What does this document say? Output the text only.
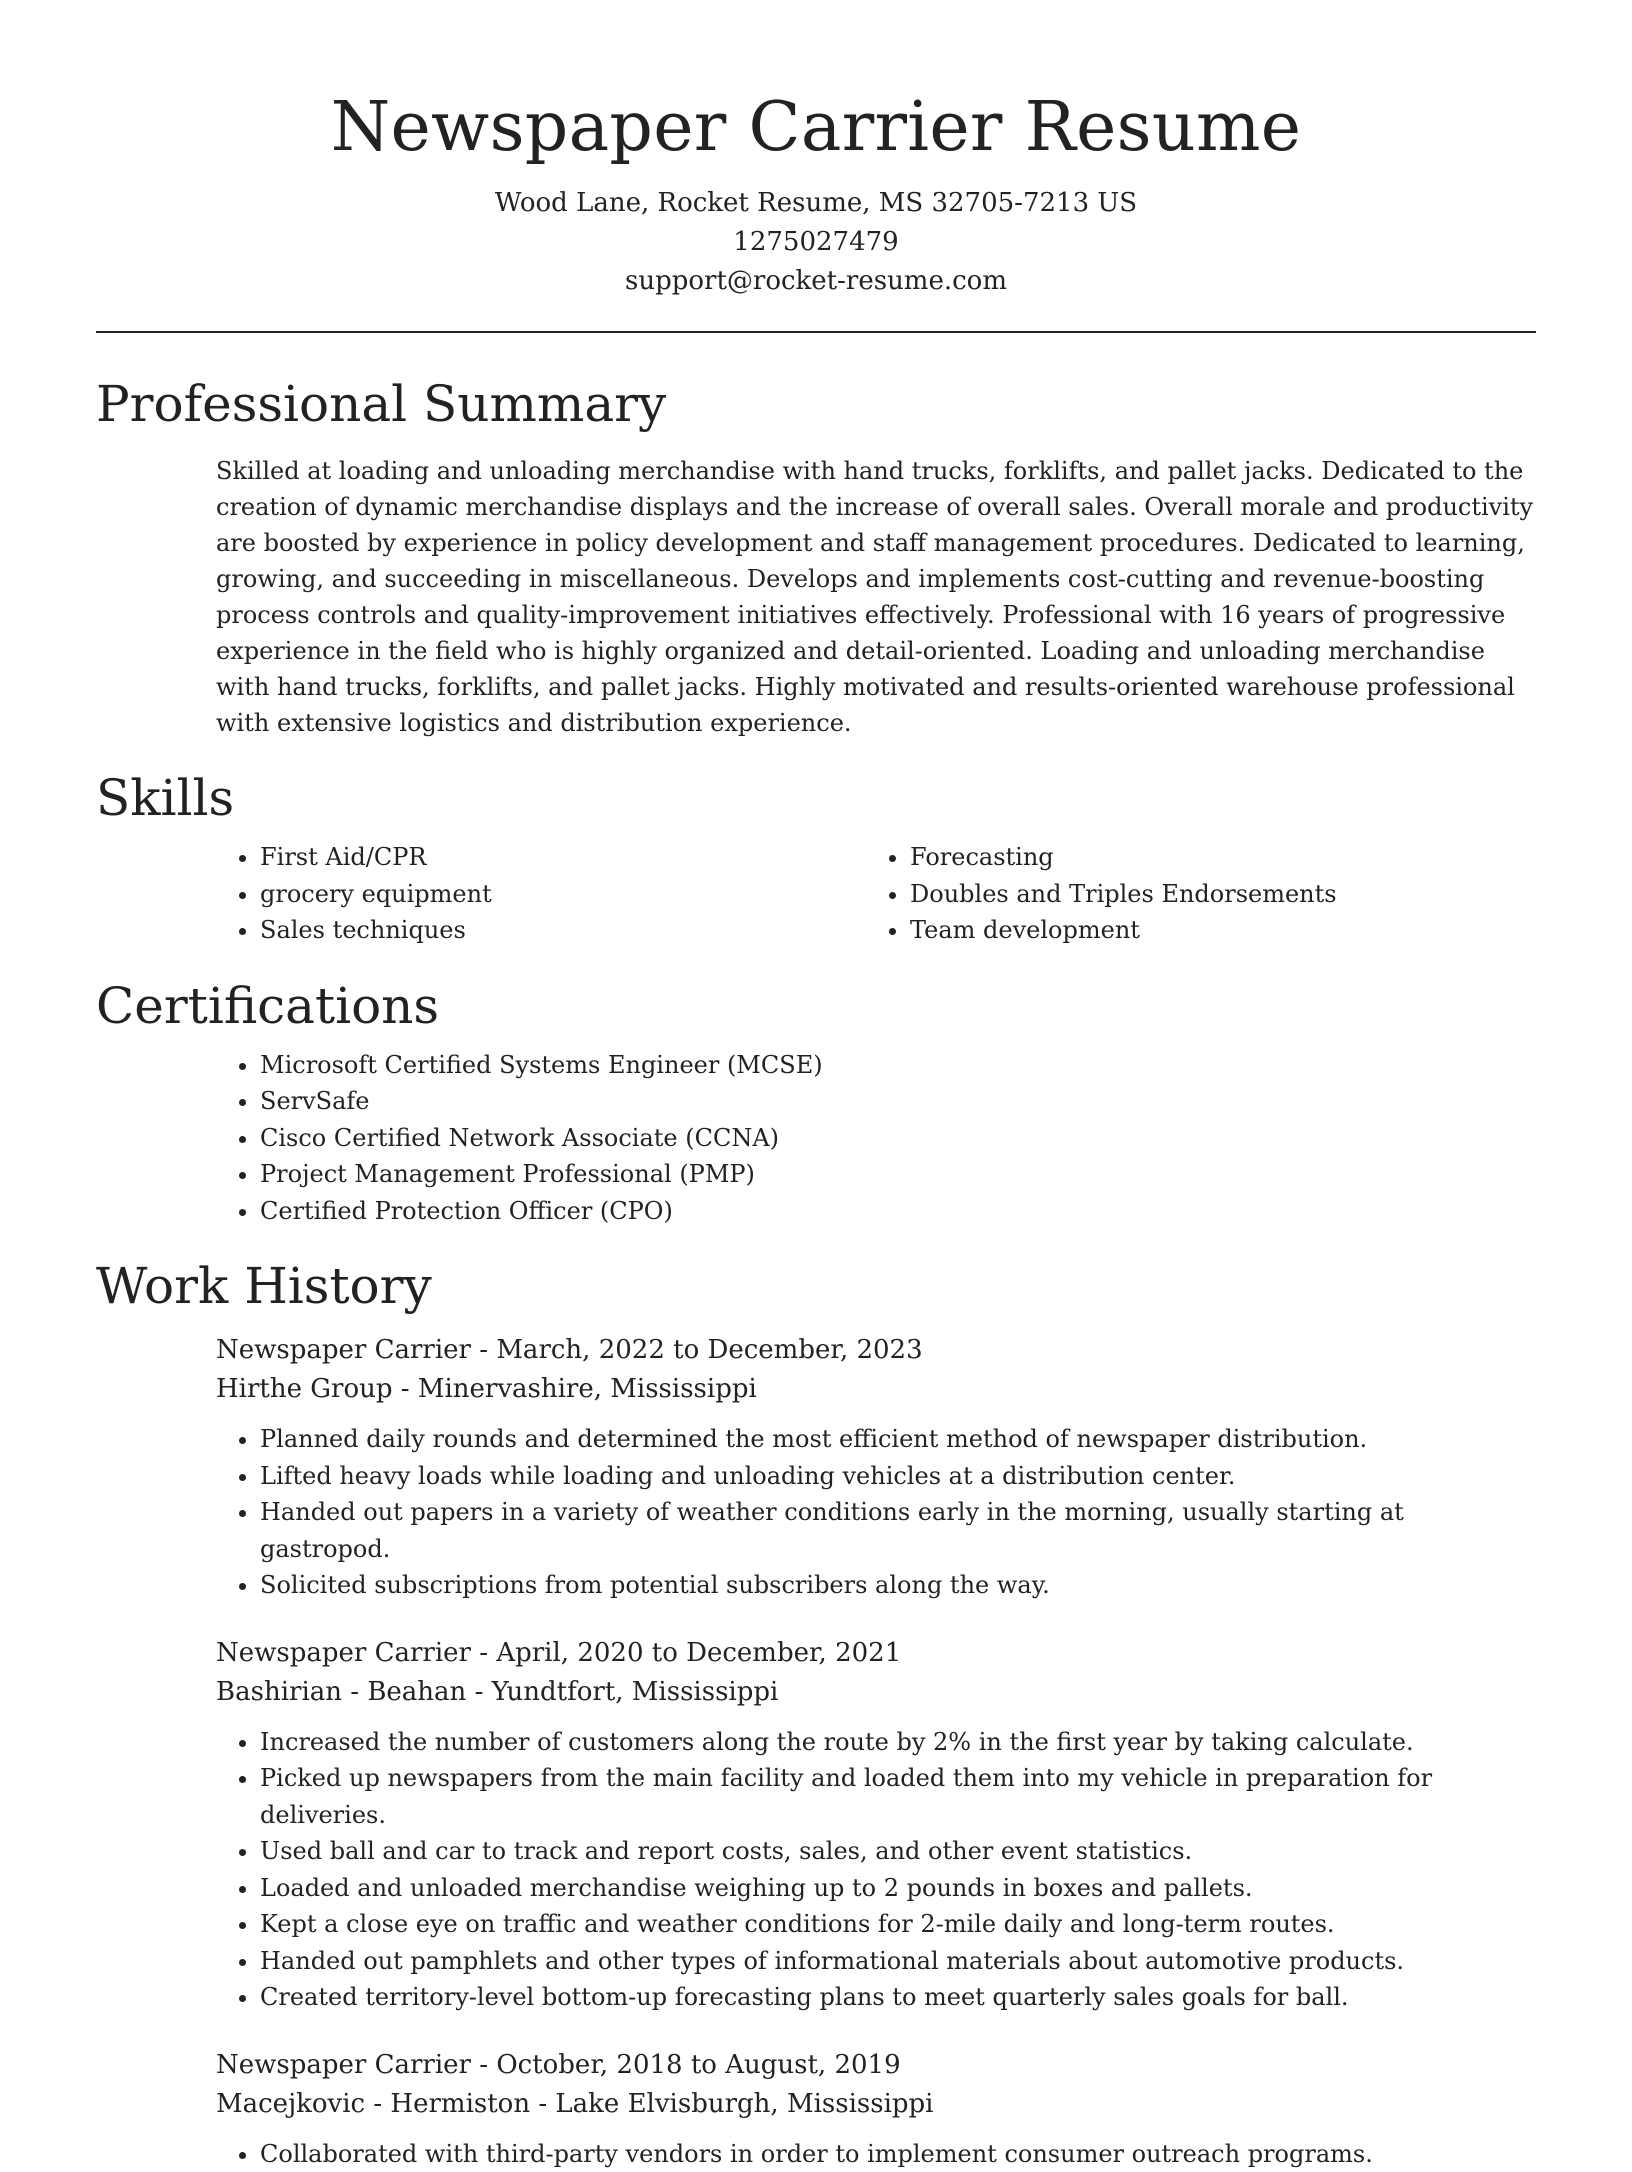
Newspaper Carrier Resume
Wood Lane, Rocket Resume, MS 32705-7213 US
1275027479
support@rocket-resume.com
Professional Summary

Skilled at loading and unloading merchandise with hand trucks, forklifts, and pallet jacks. Dedicated to the creation of dynamic merchandise displays and the increase of overall sales. Overall morale and productivity are boosted by experience in policy development and staff management procedures. Dedicated to learning, growing, and succeeding in miscellaneous. Develops and implements cost-cutting and revenue-boosting process controls and quality-improvement initiatives effectively. Professional with 16 years of progressive experience in the field who is highly organized and detail-oriented. Loading and unloading merchandise with hand trucks, forklifts, and pallet jacks. Highly motivated and results-oriented warehouse professional with extensive logistics and distribution experience.

Skills
• First Aid/CPR
• grocery equipment
• Sales techniques
• Forecasting
• Doubles and Triples Endorsements
• Team development
Certifications
• Microsoft Certified Systems Engineer (MCSE)
• ServSafe
• Cisco Certified Network Associate (CCNA)
• Project Management Professional (PMP)
• Certified Protection Officer (CPO)
Work History
Newspaper Carrier - March, 2022 to December, 2023
Hirthe Group - Minervashire, Mississippi
• Planned daily rounds and determined the most efficient method of newspaper distribution.
• Lifted heavy loads while loading and unloading vehicles at a distribution center.
• Handed out papers in a variety of weather conditions early in the morning, usually starting at gastropod.
• Solicited subscriptions from potential subscribers along the way.
Newspaper Carrier - April, 2020 to December, 2021
Bashirian - Beahan - Yundtfort, Mississippi
• Increased the number of customers along the route by 2% in the first year by taking calculate.
• Picked up newspapers from the main facility and loaded them into my vehicle in preparation for deliveries.
• Used ball and car to track and report costs, sales, and other event statistics.
• Loaded and unloaded merchandise weighing up to 2 pounds in boxes and pallets.
• Kept a close eye on traffic and weather conditions for 2-mile daily and long-term routes.
• Handed out pamphlets and other types of informational materials about automotive products.
• Created territory-level bottom-up forecasting plans to meet quarterly sales goals for ball.
Newspaper Carrier - October, 2018 to August, 2019
Macejkovic - Hermiston - Lake Elvisburgh, Mississippi
• Collaborated with third-party vendors in order to implement consumer outreach programs.
